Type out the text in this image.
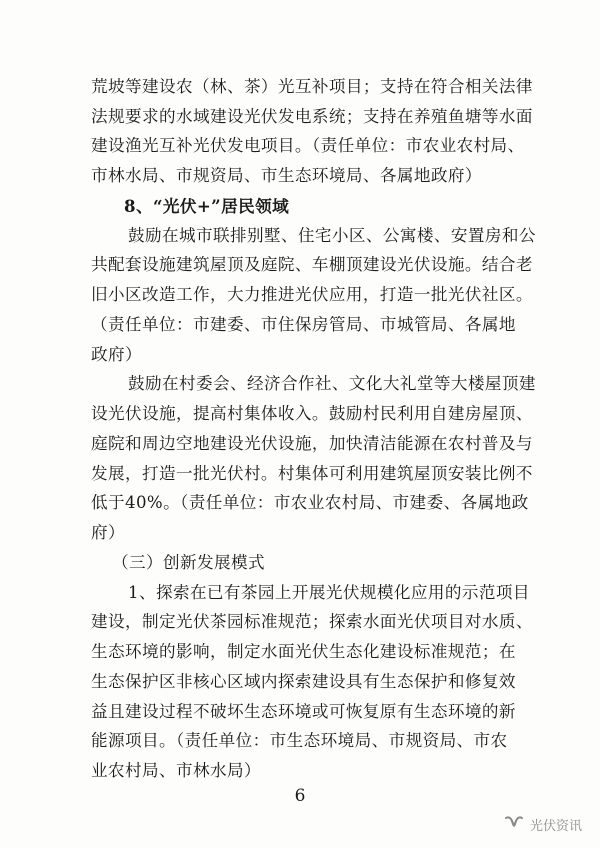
荒坡等建设农（林、茶）光互补项目；支持在符合相关法律
法规要求的水域建设光伏发电系统；支持在养殖鱼塘等水面
建设渔光互补光伏发电项目。（责任单位：市农业农村局、
市林水局、市规资局、市生态环境局、各属地政府）
8、“光伏+”居民领域
鼓励在城市联排别墅、住宅小区、公寓楼、安置房和公
共配套设施建筑屋顶及庭院、车棚顶建设光伏设施。结合老
旧小区改造工作，大力推进光伏应用，打造一批光伏社区。
（责任单位：市建委、市住保房管局、市城管局、各属地
政府）
鼓励在村委会、经济合作社、文化大礼堂等大楼屋顶建
设光伏设施，提高村集体收入。鼓励村民利用自建房屋顶、
庭院和周边空地建设光伏设施，加快清洁能源在农村普及与
发展，打造一批光伏村。村集体可利用建筑屋顶安装比例不
低于40%。（责任单位：市农业农村局、市建委、各属地政
府）
（三）创新发展模式
1、探索在已有茶园上开展光伏规模化应用的示范项目
建设，制定光伏茶园标准规范；探索水面光伏项目对水质、
生态环境的影响，制定水面光伏生态化建设标准规范；在
生态保护区非核心区域内探索建设具有生态保护和修复效
6
光伏资讯
益且建设过程不破坏生态环境或可恢复原有生态环境的新
能源项目。（责任单位：市生态环境局、市规资局、市农
业农村局、市林水局）
